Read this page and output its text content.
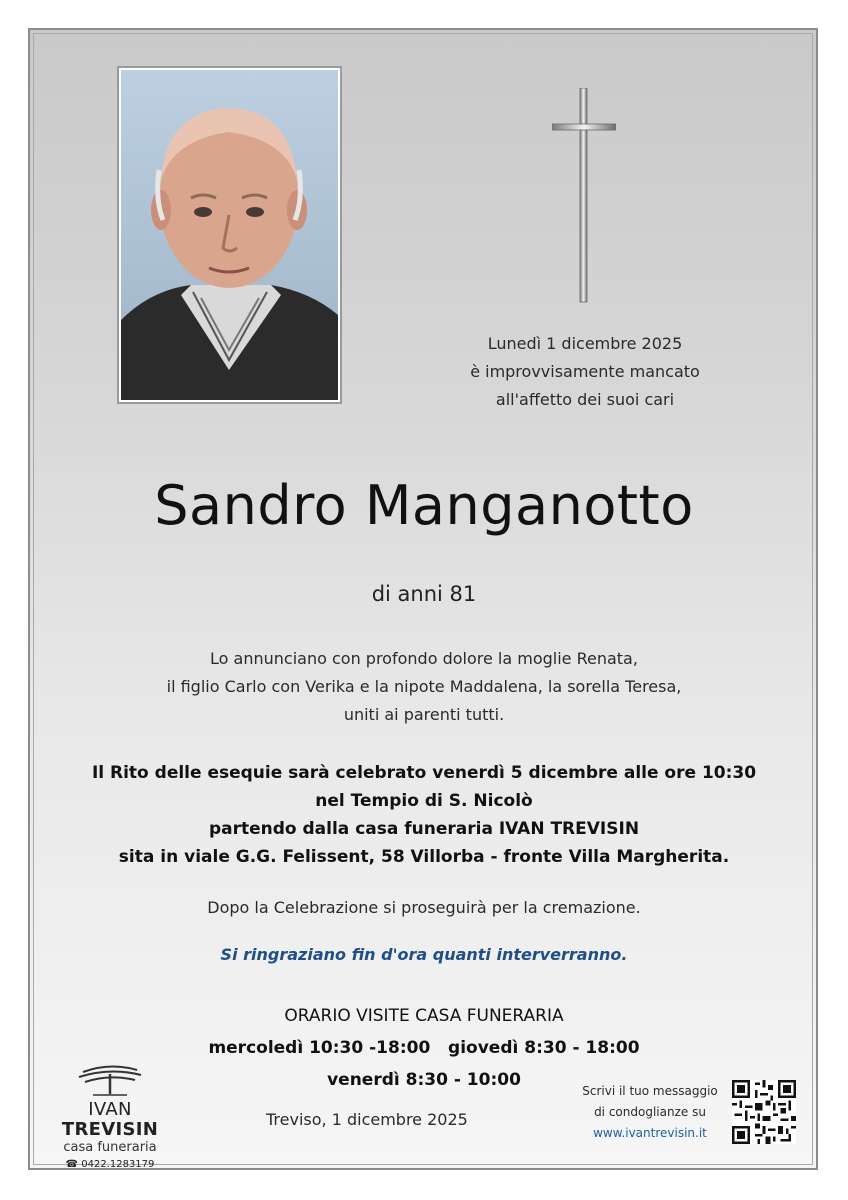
Lunedì 1 dicembre 2025
è improvvisamente mancato
all'affetto dei suoi cari
Sandro Manganotto
di anni 81
Lo annunciano con profondo dolore la moglie Renata,
il figlio Carlo con Verika e la nipote Maddalena, la sorella Teresa,
uniti ai parenti tutti.
Il Rito delle esequie sarà celebrato venerdì 5 dicembre alle ore 10:30
nel Tempio di S. Nicolò
partendo dalla casa funeraria IVAN TREVISIN
sita in viale G.G. Felissent, 58 Villorba - fronte Villa Margherita.
Dopo la Celebrazione si proseguirà per la cremazione.
Si ringraziano fin d'ora quanti interverranno.
ORARIO VISITE CASA FUNERARIA
mercoledì 10:30 -18:00   giovedì 8:30 - 18:00
venerdì 8:30 - 10:00
IVAN TREVISIN
casa funeraria
☎ 0422.1283179
Treviso, 1 dicembre 2025
Scrivi il tuo messaggio
di condoglianze su
www.ivantrevisin.it
